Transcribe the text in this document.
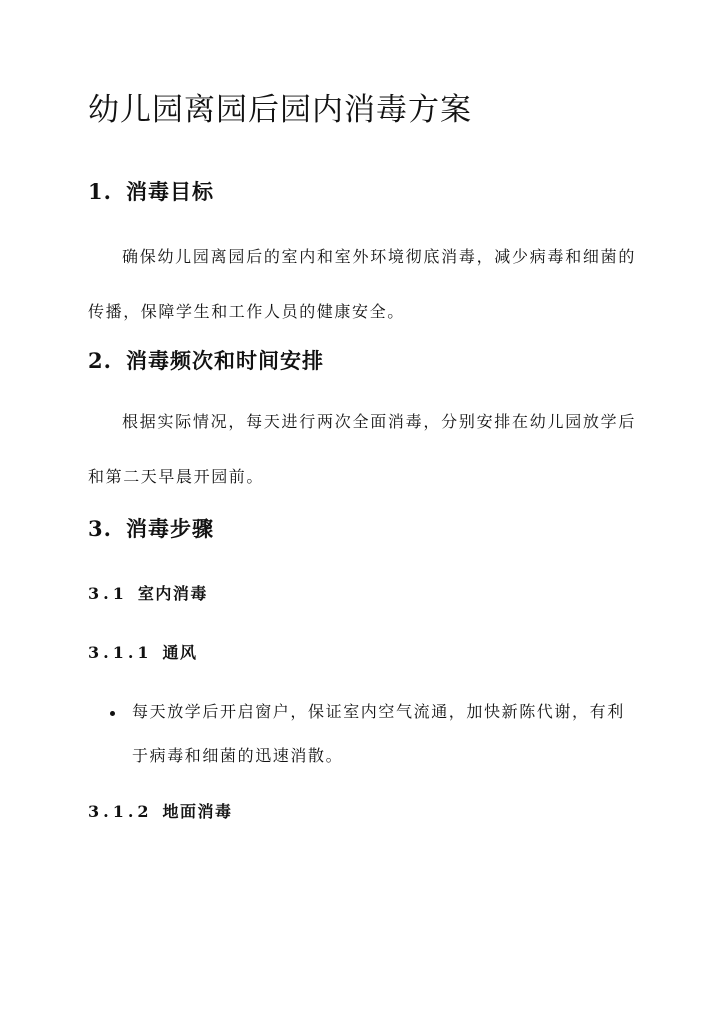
幼儿园离园后园内消毒方案
1. 消毒目标

确保幼儿园离园后的室内和室外环境彻底消毒，减少病毒和细菌的传播，保障学生和工作人员的健康安全。

2. 消毒频次和时间安排

根据实际情况，每天进行两次全面消毒，分别安排在幼儿园放学后和第二天早晨开园前。

3. 消毒步骤
3.1 室内消毒
3.1.1 通风

每天放学后开启窗户，保证室内空气流通，加快新陈代谢，有利于病毒和细菌的迅速消散。

3.1.2 地面消毒
